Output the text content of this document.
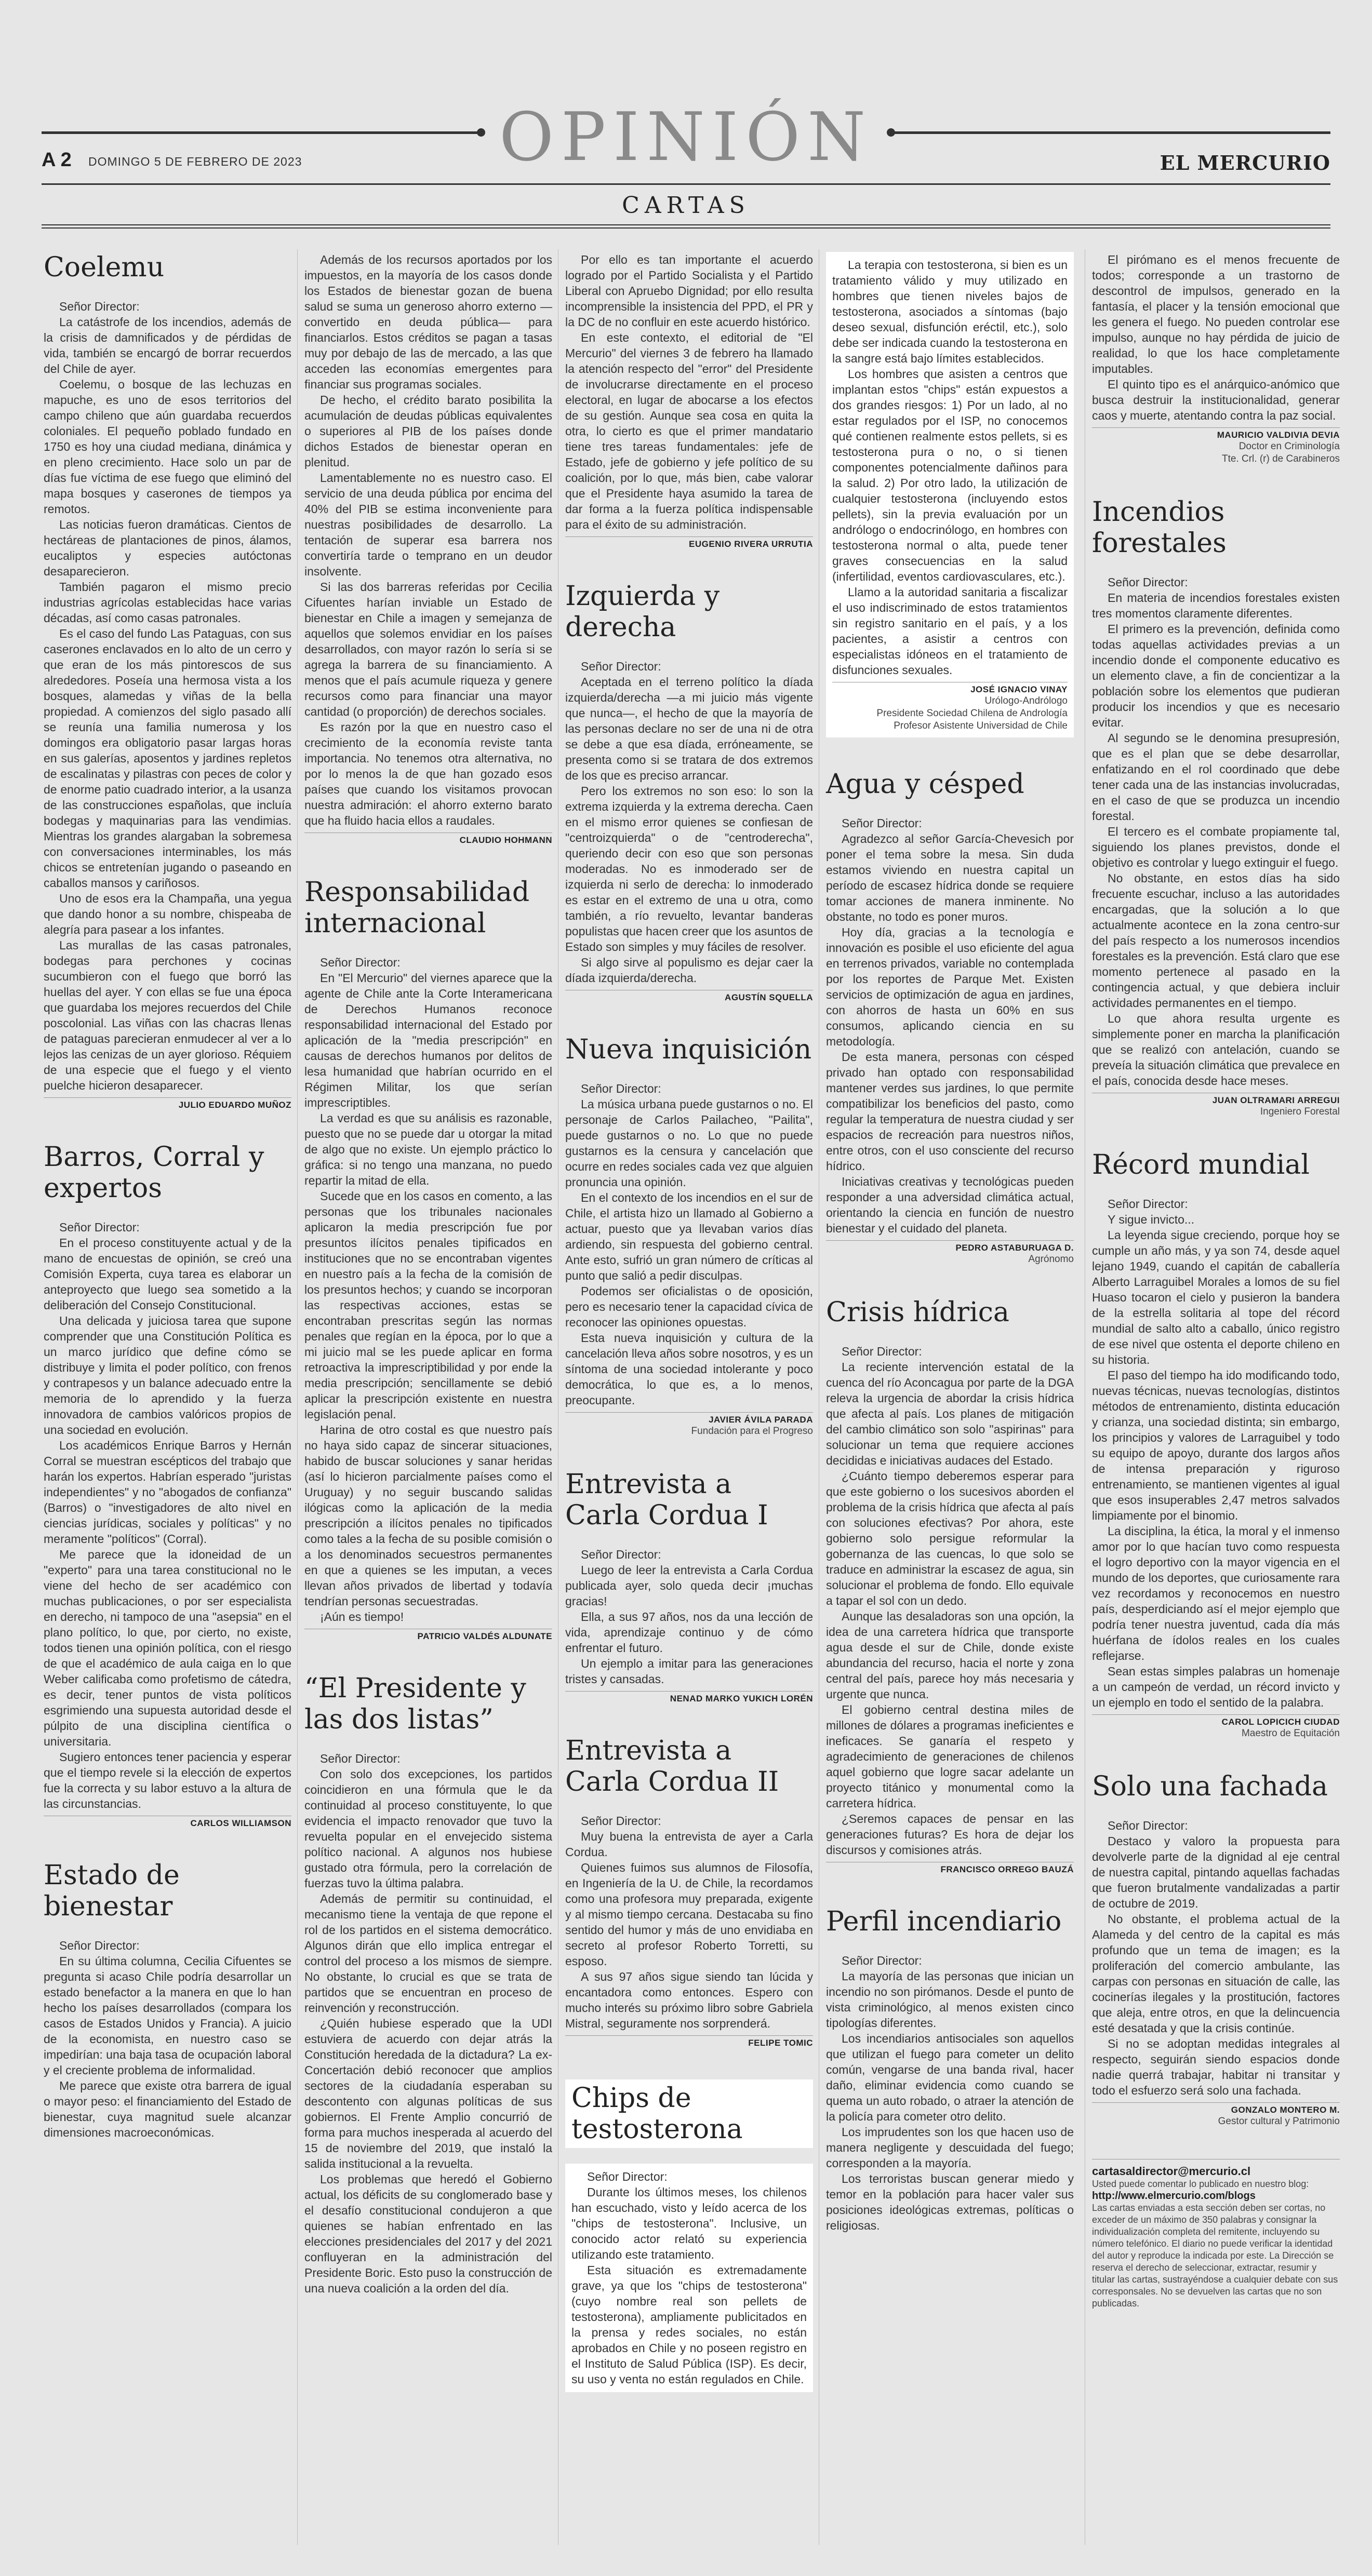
OPINIÓN
A 2 DOMINGO 5 DE FEBRERO DE 2023	EL MERCURIO
CARTAS
Coelemu
Señor Director:

La catástrofe de los incendios, además de la crisis de damnificados y de pérdidas de vida, también se encargó de borrar recuerdos del Chile de ayer.

Coelemu, o bosque de las lechuzas en mapuche, es uno de esos territorios del campo chileno que aún guardaba recuerdos coloniales. El pequeño poblado fundado en 1750 es hoy una ciudad mediana, dinámica y en pleno crecimiento. Hace solo un par de días fue víctima de ese fuego que eliminó del mapa bosques y caserones de tiempos ya remotos.

Las noticias fueron dramáticas. Cientos de hectáreas de plantaciones de pinos, álamos, eucaliptos y especies autóctonas desaparecieron.

También pagaron el mismo precio industrias agrícolas establecidas hace varias décadas, así como casas patronales.

Es el caso del fundo Las Pataguas, con sus caserones enclavados en lo alto de un cerro y que eran de los más pintorescos de sus alrededores. Poseía una hermosa vista a los bosques, alamedas y viñas de la bella propiedad. A comienzos del siglo pasado allí se reunía una familia numerosa y los domingos era obligatorio pasar largas horas en sus galerías, aposentos y jardines repletos de escalinatas y pilastras con peces de color y de enorme patio cuadrado interior, a la usanza de las construcciones españolas, que incluía bodegas y maquinarias para las vendimias. Mientras los grandes alargaban la sobremesa con conversaciones interminables, los más chicos se entretenían jugando o paseando en caballos mansos y cariñosos.

Uno de esos era la Champaña, una yegua que dando honor a su nombre, chispeaba de alegría para pasear a los infantes.

Las murallas de las casas patronales, bodegas para perchones y cocinas sucumbieron con el fuego que borró las huellas del ayer. Y con ellas se fue una época que guardaba los mejores recuerdos del Chile poscolonial. Las viñas con las chacras llenas de pataguas parecieran enmudecer al ver a lo lejos las cenizas de un ayer glorioso. Réquiem de una especie que el fuego y el viento puelche hicieron desaparecer.

JULIO EDUARDO MUÑOZ
Barros, Corral y expertos
Señor Director:

En el proceso constituyente actual y de la mano de encuestas de opinión, se creó una Comisión Experta, cuya tarea es elaborar un anteproyecto que luego sea sometido a la deliberación del Consejo Constitucional.

Una delicada y juiciosa tarea que supone comprender que una Constitución Política es un marco jurídico que define cómo se distribuye y limita el poder político, con frenos y contrapesos y un balance adecuado entre la memoria de lo aprendido y la fuerza innovadora de cambios valóricos propios de una sociedad en evolución.

Los académicos Enrique Barros y Hernán Corral se muestran escépticos del trabajo que harán los expertos. Habrían esperado "juristas independientes" y no "abogados de confianza" (Barros) o "investigadores de alto nivel en ciencias jurídicas, sociales y políticas" y no meramente "políticos" (Corral).

Me parece que la idoneidad de un "experto" para una tarea constitucional no le viene del hecho de ser académico con muchas publicaciones, o por ser especialista en derecho, ni tampoco de una "asepsia" en el plano político, lo que, por cierto, no existe, todos tienen una opinión política, con el riesgo de que el académico de aula caiga en lo que Weber calificaba como profetismo de cátedra, es decir, tener puntos de vista políticos esgrimiendo una supuesta autoridad desde el púlpito de una disciplina científica o universitaria.

Sugiero entonces tener paciencia y esperar que el tiempo revele si la elección de expertos fue la correcta y su labor estuvo a la altura de las circunstancias.

CARLOS WILLIAMSON
Estado de bienestar
Señor Director:

En su última columna, Cecilia Cifuentes se pregunta si acaso Chile podría desarrollar un estado benefactor a la manera en que lo han hecho los países desarrollados (compara los casos de Estados Unidos y Francia). A juicio de la economista, en nuestro caso se impedirían: una baja tasa de ocupación laboral y el creciente problema de informalidad.

Me parece que existe otra barrera de igual o mayor peso: el financiamiento del Estado de bienestar, cuya magnitud suele alcanzar dimensiones macroeconómicas.

Además de los recursos aportados por los impuestos, en la mayoría de los casos donde los Estados de bienestar gozan de buena salud se suma un generoso ahorro externo —convertido en deuda pública— para financiarlos. Estos créditos se pagan a tasas muy por debajo de las de mercado, a las que acceden las economías emergentes para financiar sus programas sociales.

De hecho, el crédito barato posibilita la acumulación de deudas públicas equivalentes o superiores al PIB de los países donde dichos Estados de bienestar operan en plenitud.

Lamentablemente no es nuestro caso. El servicio de una deuda pública por encima del 40% del PIB se estima inconveniente para nuestras posibilidades de desarrollo. La tentación de superar esa barrera nos convertiría tarde o temprano en un deudor insolvente.

Si las dos barreras referidas por Cecilia Cifuentes harían inviable un Estado de bienestar en Chile a imagen y semejanza de aquellos que solemos envidiar en los países desarrollados, con mayor razón lo sería si se agrega la barrera de su financiamiento. A menos que el país acumule riqueza y genere recursos como para financiar una mayor cantidad (o proporción) de derechos sociales.

Es razón por la que en nuestro caso el crecimiento de la economía reviste tanta importancia. No tenemos otra alternativa, no por lo menos la de que han gozado esos países que cuando los visitamos provocan nuestra admiración: el ahorro externo barato que ha fluido hacia ellos a raudales.

CLAUDIO HOHMANN
Responsabilidad internacional
Señor Director:

En "El Mercurio" del viernes aparece que la agente de Chile ante la Corte Interamericana de Derechos Humanos reconoce responsabilidad internacional del Estado por aplicación de la "media prescripción" en causas de derechos humanos por delitos de lesa humanidad que habrían ocurrido en el Régimen Militar, los que serían imprescriptibles.

La verdad es que su análisis es razonable, puesto que no se puede dar u otorgar la mitad de algo que no existe. Un ejemplo práctico lo gráfica: si no tengo una manzana, no puedo repartir la mitad de ella.

Sucede que en los casos en comento, a las personas que los tribunales nacionales aplicaron la media prescripción fue por presuntos ilícitos penales tipificados en instituciones que no se encontraban vigentes en nuestro país a la fecha de la comisión de los presuntos hechos; y cuando se incorporan las respectivas acciones, estas se encontraban prescritas según las normas penales que regían en la época, por lo que a mi juicio mal se les puede aplicar en forma retroactiva la imprescriptibilidad y por ende la media prescripción; sencillamente se debió aplicar la prescripción existente en nuestra legislación penal.

Harina de otro costal es que nuestro país no haya sido capaz de sincerar situaciones, habido de buscar soluciones y sanar heridas (así lo hicieron parcialmente países como el Uruguay) y no seguir buscando salidas ilógicas como la aplicación de la media prescripción a ilícitos penales no tipificados como tales a la fecha de su posible comisión o a los denominados secuestros permanentes en que a quienes se les imputan, a veces llevan años privados de libertad y todavía tendrían personas secuestradas.

¡Aún es tiempo!

PATRICIO VALDÉS ALDUNATE
“El Presidente y las dos listas”
Señor Director:

Con solo dos excepciones, los partidos coincidieron en una fórmula que le da continuidad al proceso constituyente, lo que evidencia el impacto renovador que tuvo la revuelta popular en el envejecido sistema político nacional. A algunos nos hubiese gustado otra fórmula, pero la correlación de fuerzas tuvo la última palabra.

Además de permitir su continuidad, el mecanismo tiene la ventaja de que repone el rol de los partidos en el sistema democrático. Algunos dirán que ello implica entregar el control del proceso a los mismos de siempre. No obstante, lo crucial es que se trata de partidos que se encuentran en proceso de reinvención y reconstrucción.

¿Quién hubiese esperado que la UDI estuviera de acuerdo con dejar atrás la Constitución heredada de la dictadura? La ex-Concertación debió reconocer que amplios sectores de la ciudadanía esperaban su descontento con algunas políticas de sus gobiernos. El Frente Amplio concurrió de forma para muchos inesperada al acuerdo del 15 de noviembre del 2019, que instaló la salida institucional a la revuelta.

Los problemas que heredó el Gobierno actual, los déficits de su conglomerado base y el desafío constitucional condujeron a que quienes se habían enfrentado en las elecciones presidenciales del 2017 y del 2021 confluyeran en la administración del Presidente Boric. Esto puso la construcción de una nueva coalición a la orden del día.

Por ello es tan importante el acuerdo logrado por el Partido Socialista y el Partido Liberal con Apruebo Dignidad; por ello resulta incomprensible la insistencia del PPD, el PR y la DC de no confluir en este acuerdo histórico.

En este contexto, el editorial de "El Mercurio" del viernes 3 de febrero ha llamado la atención respecto del "error" del Presidente de involucrarse directamente en el proceso electoral, en lugar de abocarse a los efectos de su gestión. Aunque sea cosa en quita la otra, lo cierto es que el primer mandatario tiene tres tareas fundamentales: jefe de Estado, jefe de gobierno y jefe político de su coalición, por lo que, más bien, cabe valorar que el Presidente haya asumido la tarea de dar forma a la fuerza política indispensable para el éxito de su administración.

EUGENIO RIVERA URRUTIA
Izquierda y derecha
Señor Director:

Aceptada en el terreno político la díada izquierda/derecha —a mi juicio más vigente que nunca—, el hecho de que la mayoría de las personas declare no ser de una ni de otra se debe a que esa díada, erróneamente, se presenta como si se tratara de dos extremos de los que es preciso arrancar.

Pero los extremos no son eso: lo son la extrema izquierda y la extrema derecha. Caen en el mismo error quienes se confiesan de "centroizquierda" o de "centroderecha", queriendo decir con eso que son personas moderadas. No es inmoderado ser de izquierda ni serlo de derecha: lo inmoderado es estar en el extremo de una u otra, como también, a río revuelto, levantar banderas populistas que hacen creer que los asuntos de Estado son simples y muy fáciles de resolver.

Si algo sirve al populismo es dejar caer la díada izquierda/derecha.

AGUSTÍN SQUELLA
Nueva inquisición
Señor Director:

La música urbana puede gustarnos o no. El personaje de Carlos Pailacheo, "Pailita", puede gustarnos o no. Lo que no puede gustarnos es la censura y cancelación que ocurre en redes sociales cada vez que alguien pronuncia una opinión.

En el contexto de los incendios en el sur de Chile, el artista hizo un llamado al Gobierno a actuar, puesto que ya llevaban varios días ardiendo, sin respuesta del gobierno central. Ante esto, sufrió un gran número de críticas al punto que salió a pedir disculpas.

Podemos ser oficialistas o de oposición, pero es necesario tener la capacidad cívica de reconocer las opiniones opuestas.

Esta nueva inquisición y cultura de la cancelación lleva años sobre nosotros, y es un síntoma de una sociedad intolerante y poco democrática, lo que es, a lo menos, preocupante.

JAVIER ÁVILA PARADA
Fundación para el Progreso
Entrevista a Carla Cordua I
Señor Director:

Luego de leer la entrevista a Carla Cordua publicada ayer, solo queda decir ¡muchas gracias!

Ella, a sus 97 años, nos da una lección de vida, aprendizaje continuo y de cómo enfrentar el futuro.

Un ejemplo a imitar para las generaciones tristes y cansadas.

NENAD MARKO YUKICH LORÉN
Entrevista a Carla Cordua II
Señor Director:

Muy buena la entrevista de ayer a Carla Cordua.

Quienes fuimos sus alumnos de Filosofía, en Ingeniería de la U. de Chile, la recordamos como una profesora muy preparada, exigente y al mismo tiempo cercana. Destacaba su fino sentido del humor y más de uno envidiaba en secreto al profesor Roberto Torretti, su esposo.

A sus 97 años sigue siendo tan lúcida y encantadora como entonces. Espero con mucho interés su próximo libro sobre Gabriela Mistral, seguramente nos sorprenderá.

FELIPE TOMIC
Chips de testosterona
Señor Director:

Durante los últimos meses, los chilenos han escuchado, visto y leído acerca de los "chips de testosterona". Inclusive, un conocido actor relató su experiencia utilizando este tratamiento.

Esta situación es extremadamente grave, ya que los "chips de testosterona" (cuyo nombre real son pellets de testosterona), ampliamente publicitados en la prensa y redes sociales, no están aprobados en Chile y no poseen registro en el Instituto de Salud Pública (ISP). Es decir, su uso y venta no están regulados en Chile.

La terapia con testosterona, si bien es un tratamiento válido y muy utilizado en hombres que tienen niveles bajos de testosterona, asociados a síntomas (bajo deseo sexual, disfunción eréctil, etc.), solo debe ser indicada cuando la testosterona en la sangre está bajo límites establecidos.

Los hombres que asisten a centros que implantan estos "chips" están expuestos a dos grandes riesgos: 1) Por un lado, al no estar regulados por el ISP, no conocemos qué contienen realmente estos pellets, si es testosterona pura o no, o si tienen componentes potencialmente dañinos para la salud. 2) Por otro lado, la utilización de cualquier testosterona (incluyendo estos pellets), sin la previa evaluación por un andrólogo o endocrinólogo, en hombres con testosterona normal o alta, puede tener graves consecuencias en la salud (infertilidad, eventos cardiovasculares, etc.).

Llamo a la autoridad sanitaria a fiscalizar el uso indiscriminado de estos tratamientos sin registro sanitario en el país, y a los pacientes, a asistir a centros con especialistas idóneos en el tratamiento de disfunciones sexuales.

JOSÉ IGNACIO VINAY
Urólogo-Andrólogo
Presidente Sociedad Chilena de Andrología
Profesor Asistente Universidad de Chile
Agua y césped
Señor Director:

Agradezco al señor García-Chevesich por poner el tema sobre la mesa. Sin duda estamos viviendo en nuestra capital un período de escasez hídrica donde se requiere tomar acciones de manera inminente. No obstante, no todo es poner muros.

Hoy día, gracias a la tecnología e innovación es posible el uso eficiente del agua en terrenos privados, variable no contemplada por los reportes de Parque Met. Existen servicios de optimización de agua en jardines, con ahorros de hasta un 60% en sus consumos, aplicando ciencia en su metodología.

De esta manera, personas con césped privado han optado con responsabilidad mantener verdes sus jardines, lo que permite compatibilizar los beneficios del pasto, como regular la temperatura de nuestra ciudad y ser espacios de recreación para nuestros niños, entre otros, con el uso consciente del recurso hídrico.

Iniciativas creativas y tecnológicas pueden responder a una adversidad climática actual, orientando la ciencia en función de nuestro bienestar y el cuidado del planeta.

PEDRO ASTABURUAGA D.
Agrónomo
Crisis hídrica
Señor Director:

La reciente intervención estatal de la cuenca del río Aconcagua por parte de la DGA releva la urgencia de abordar la crisis hídrica que afecta al país. Los planes de mitigación del cambio climático son solo "aspirinas" para solucionar un tema que requiere acciones decididas e iniciativas audaces del Estado.

¿Cuánto tiempo deberemos esperar para que este gobierno o los sucesivos aborden el problema de la crisis hídrica que afecta al país con soluciones efectivas? Por ahora, este gobierno solo persigue reformular la gobernanza de las cuencas, lo que solo se traduce en administrar la escasez de agua, sin solucionar el problema de fondo. Ello equivale a tapar el sol con un dedo.

Aunque las desaladoras son una opción, la idea de una carretera hídrica que transporte agua desde el sur de Chile, donde existe abundancia del recurso, hacia el norte y zona central del país, parece hoy más necesaria y urgente que nunca.

El gobierno central destina miles de millones de dólares a programas ineficientes e ineficaces. Se ganaría el respeto y agradecimiento de generaciones de chilenos aquel gobierno que logre sacar adelante un proyecto titánico y monumental como la carretera hídrica.

¿Seremos capaces de pensar en las generaciones futuras? Es hora de dejar los discursos y comisiones atrás.

FRANCISCO ORREGO BAUZÁ
Perfil incendiario
Señor Director:

La mayoría de las personas que inician un incendio no son pirómanos. Desde el punto de vista criminológico, al menos existen cinco tipologías diferentes.

Los incendiarios antisociales son aquellos que utilizan el fuego para cometer un delito común, vengarse de una banda rival, hacer daño, eliminar evidencia como cuando se quema un auto robado, o atraer la atención de la policía para cometer otro delito.

Los imprudentes son los que hacen uso de manera negligente y descuidada del fuego; corresponden a la mayoría.

Los terroristas buscan generar miedo y temor en la población para hacer valer sus posiciones ideológicas extremas, políticas o religiosas.

El pirómano es el menos frecuente de todos; corresponde a un trastorno de descontrol de impulsos, generado en la fantasía, el placer y la tensión emocional que les genera el fuego. No pueden controlar ese impulso, aunque no hay pérdida de juicio de realidad, lo que los hace completamente imputables.

El quinto tipo es el anárquico-anómico que busca destruir la institucionalidad, generar caos y muerte, atentando contra la paz social.

MAURICIO VALDIVIA DEVIA
Doctor en Criminología
Tte. Crl. (r) de Carabineros
Incendios forestales
Señor Director:

En materia de incendios forestales existen tres momentos claramente diferentes.

El primero es la prevención, definida como todas aquellas actividades previas a un incendio donde el componente educativo es un elemento clave, a fin de concientizar a la población sobre los elementos que pudieran producir los incendios y que es necesario evitar.

Al segundo se le denomina presupresión, que es el plan que se debe desarrollar, enfatizando en el rol coordinado que debe tener cada una de las instancias involucradas, en el caso de que se produzca un incendio forestal.

El tercero es el combate propiamente tal, siguiendo los planes previstos, donde el objetivo es controlar y luego extinguir el fuego.

No obstante, en estos días ha sido frecuente escuchar, incluso a las autoridades encargadas, que la solución a lo que actualmente acontece en la zona centro-sur del país respecto a los numerosos incendios forestales es la prevención. Está claro que ese momento pertenece al pasado en la contingencia actual, y que debiera incluir actividades permanentes en el tiempo.

Lo que ahora resulta urgente es simplemente poner en marcha la planificación que se realizó con antelación, cuando se preveía la situación climática que prevalece en el país, conocida desde hace meses.

JUAN OLTRAMARI ARREGUI
Ingeniero Forestal
Récord mundial
Señor Director:

Y sigue invicto...

La leyenda sigue creciendo, porque hoy se cumple un año más, y ya son 74, desde aquel lejano 1949, cuando el capitán de caballería Alberto Larraguibel Morales a lomos de su fiel Huaso tocaron el cielo y pusieron la bandera de la estrella solitaria al tope del récord mundial de salto alto a caballo, único registro de ese nivel que ostenta el deporte chileno en su historia.

El paso del tiempo ha ido modificando todo, nuevas técnicas, nuevas tecnologías, distintos métodos de entrenamiento, distinta educación y crianza, una sociedad distinta; sin embargo, los principios y valores de Larraguibel y todo su equipo de apoyo, durante dos largos años de intensa preparación y riguroso entrenamiento, se mantienen vigentes al igual que esos insuperables 2,47 metros salvados limpiamente por el binomio.

La disciplina, la ética, la moral y el inmenso amor por lo que hacían tuvo como respuesta el logro deportivo con la mayor vigencia en el mundo de los deportes, que curiosamente rara vez recordamos y reconocemos en nuestro país, desperdiciando así el mejor ejemplo que podría tener nuestra juventud, cada día más huérfana de ídolos reales en los cuales reflejarse.

Sean estas simples palabras un homenaje a un campeón de verdad, un récord invicto y un ejemplo en todo el sentido de la palabra.

CAROL LOPICICH CIUDAD
Maestro de Equitación
Solo una fachada
Señor Director:

Destaco y valoro la propuesta para devolverle parte de la dignidad al eje central de nuestra capital, pintando aquellas fachadas que fueron brutalmente vandalizadas a partir de octubre de 2019.

No obstante, el problema actual de la Alameda y del centro de la capital es más profundo que un tema de imagen; es la proliferación del comercio ambulante, las carpas con personas en situación de calle, las cocinerías ilegales y la prostitución, factores que aleja, entre otros, en que la delincuencia esté desatada y que la crisis continúe.

Si no se adoptan medidas integrales al respecto, seguirán siendo espacios donde nadie querrá trabajar, habitar ni transitar y todo el esfuerzo será solo una fachada.

GONZALO MONTERO M.
Gestor cultural y Patrimonio
cartasaldirector@mercurio.cl
Usted puede comentar lo publicado en nuestro blog:
http://www.elmercurio.com/blogs
Las cartas enviadas a esta sección deben ser cortas, no exceder de un máximo de 350 palabras y consignar la individualización completa del remitente, incluyendo su número telefónico. El diario no puede verificar la identidad del autor y reproduce la indicada por este. La Dirección se reserva el derecho de seleccionar, extractar, resumir y titular las cartas, sustrayéndose a cualquier debate con sus corresponsales. No se devuelven las cartas que no son publicadas.
